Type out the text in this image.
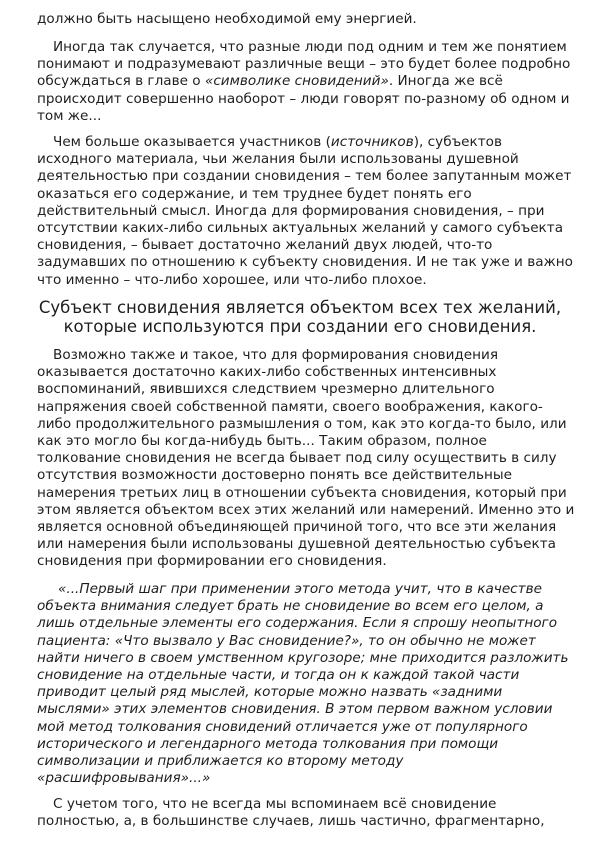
должно быть насыщено необходимой ему энергией.
Иногда так случается, что разные люди под одним и тем же понятием
понимают и подразумевают различные вещи – это будет более подробно
обсуждаться в главе о «символике сновидений». Иногда же всё
происходит совершенно наоборот – люди говорят по-разному об одном и
том же...
Чем больше оказывается участников (источников), субъектов
исходного материала, чьи желания были использованы душевной
деятельностью при создании сновидения – тем более запутанным может
оказаться его содержание, и тем труднее будет понять его
действительный смысл. Иногда для формирования сновидения, – при
отсутствии каких-либо сильных актуальных желаний у самого субъекта
сновидения, – бывает достаточно желаний двух людей, что-то
задумавших по отношению к субъекту сновидения. И не так уже и важно
что именно – что-либо хорошее, или что-либо плохое.
Субъект сновидения является объектом всех тех желаний,
которые используются при создании его сновидения.
Возможно также и такое, что для формирования сновидения
оказывается достаточно каких-либо собственных интенсивных
воспоминаний, явившихся следствием чрезмерно длительного
напряжения своей собственной памяти, своего воображения, какого-
либо продолжительного размышления о том, как это когда-то было, или
как это могло бы когда-нибудь быть... Таким образом, полное
толкование сновидения не всегда бывает под силу осуществить в силу
отсутствия возможности достоверно понять все действительные
намерения третьих лиц в отношении субъекта сновидения, который при
этом является объектом всех этих желаний или намерений. Именно это и
является основной объединяющей причиной того, что все эти желания
или намерения были использованы душевной деятельностью субъекта
сновидения при формировании его сновидения.
«...Первый шаг при применении этого метода учит, что в качестве
объекта внимания следует брать не сновидение во всем его целом, а
лишь отдельные элементы его содержания. Если я спрошу неопытного
пациента: «Что вызвало у Вас сновидение?», то он обычно не может
найти ничего в своем умственном кругозоре; мне приходится разложить
сновидение на отдельные части, и тогда он к каждой такой части
приводит целый ряд мыслей, которые можно назвать «задними
мыслями» этих элементов сновидения. В этом первом важном условии
мой метод толкования сновидений отличается уже от популярного
исторического и легендарного метода толкования при помощи
символизации и приближается ко второму методу
«расшифровывания»...»
С учетом того, что не всегда мы вспоминаем всё сновидение
полностью, а, в большинстве случаев, лишь частично, фрагментарно,
